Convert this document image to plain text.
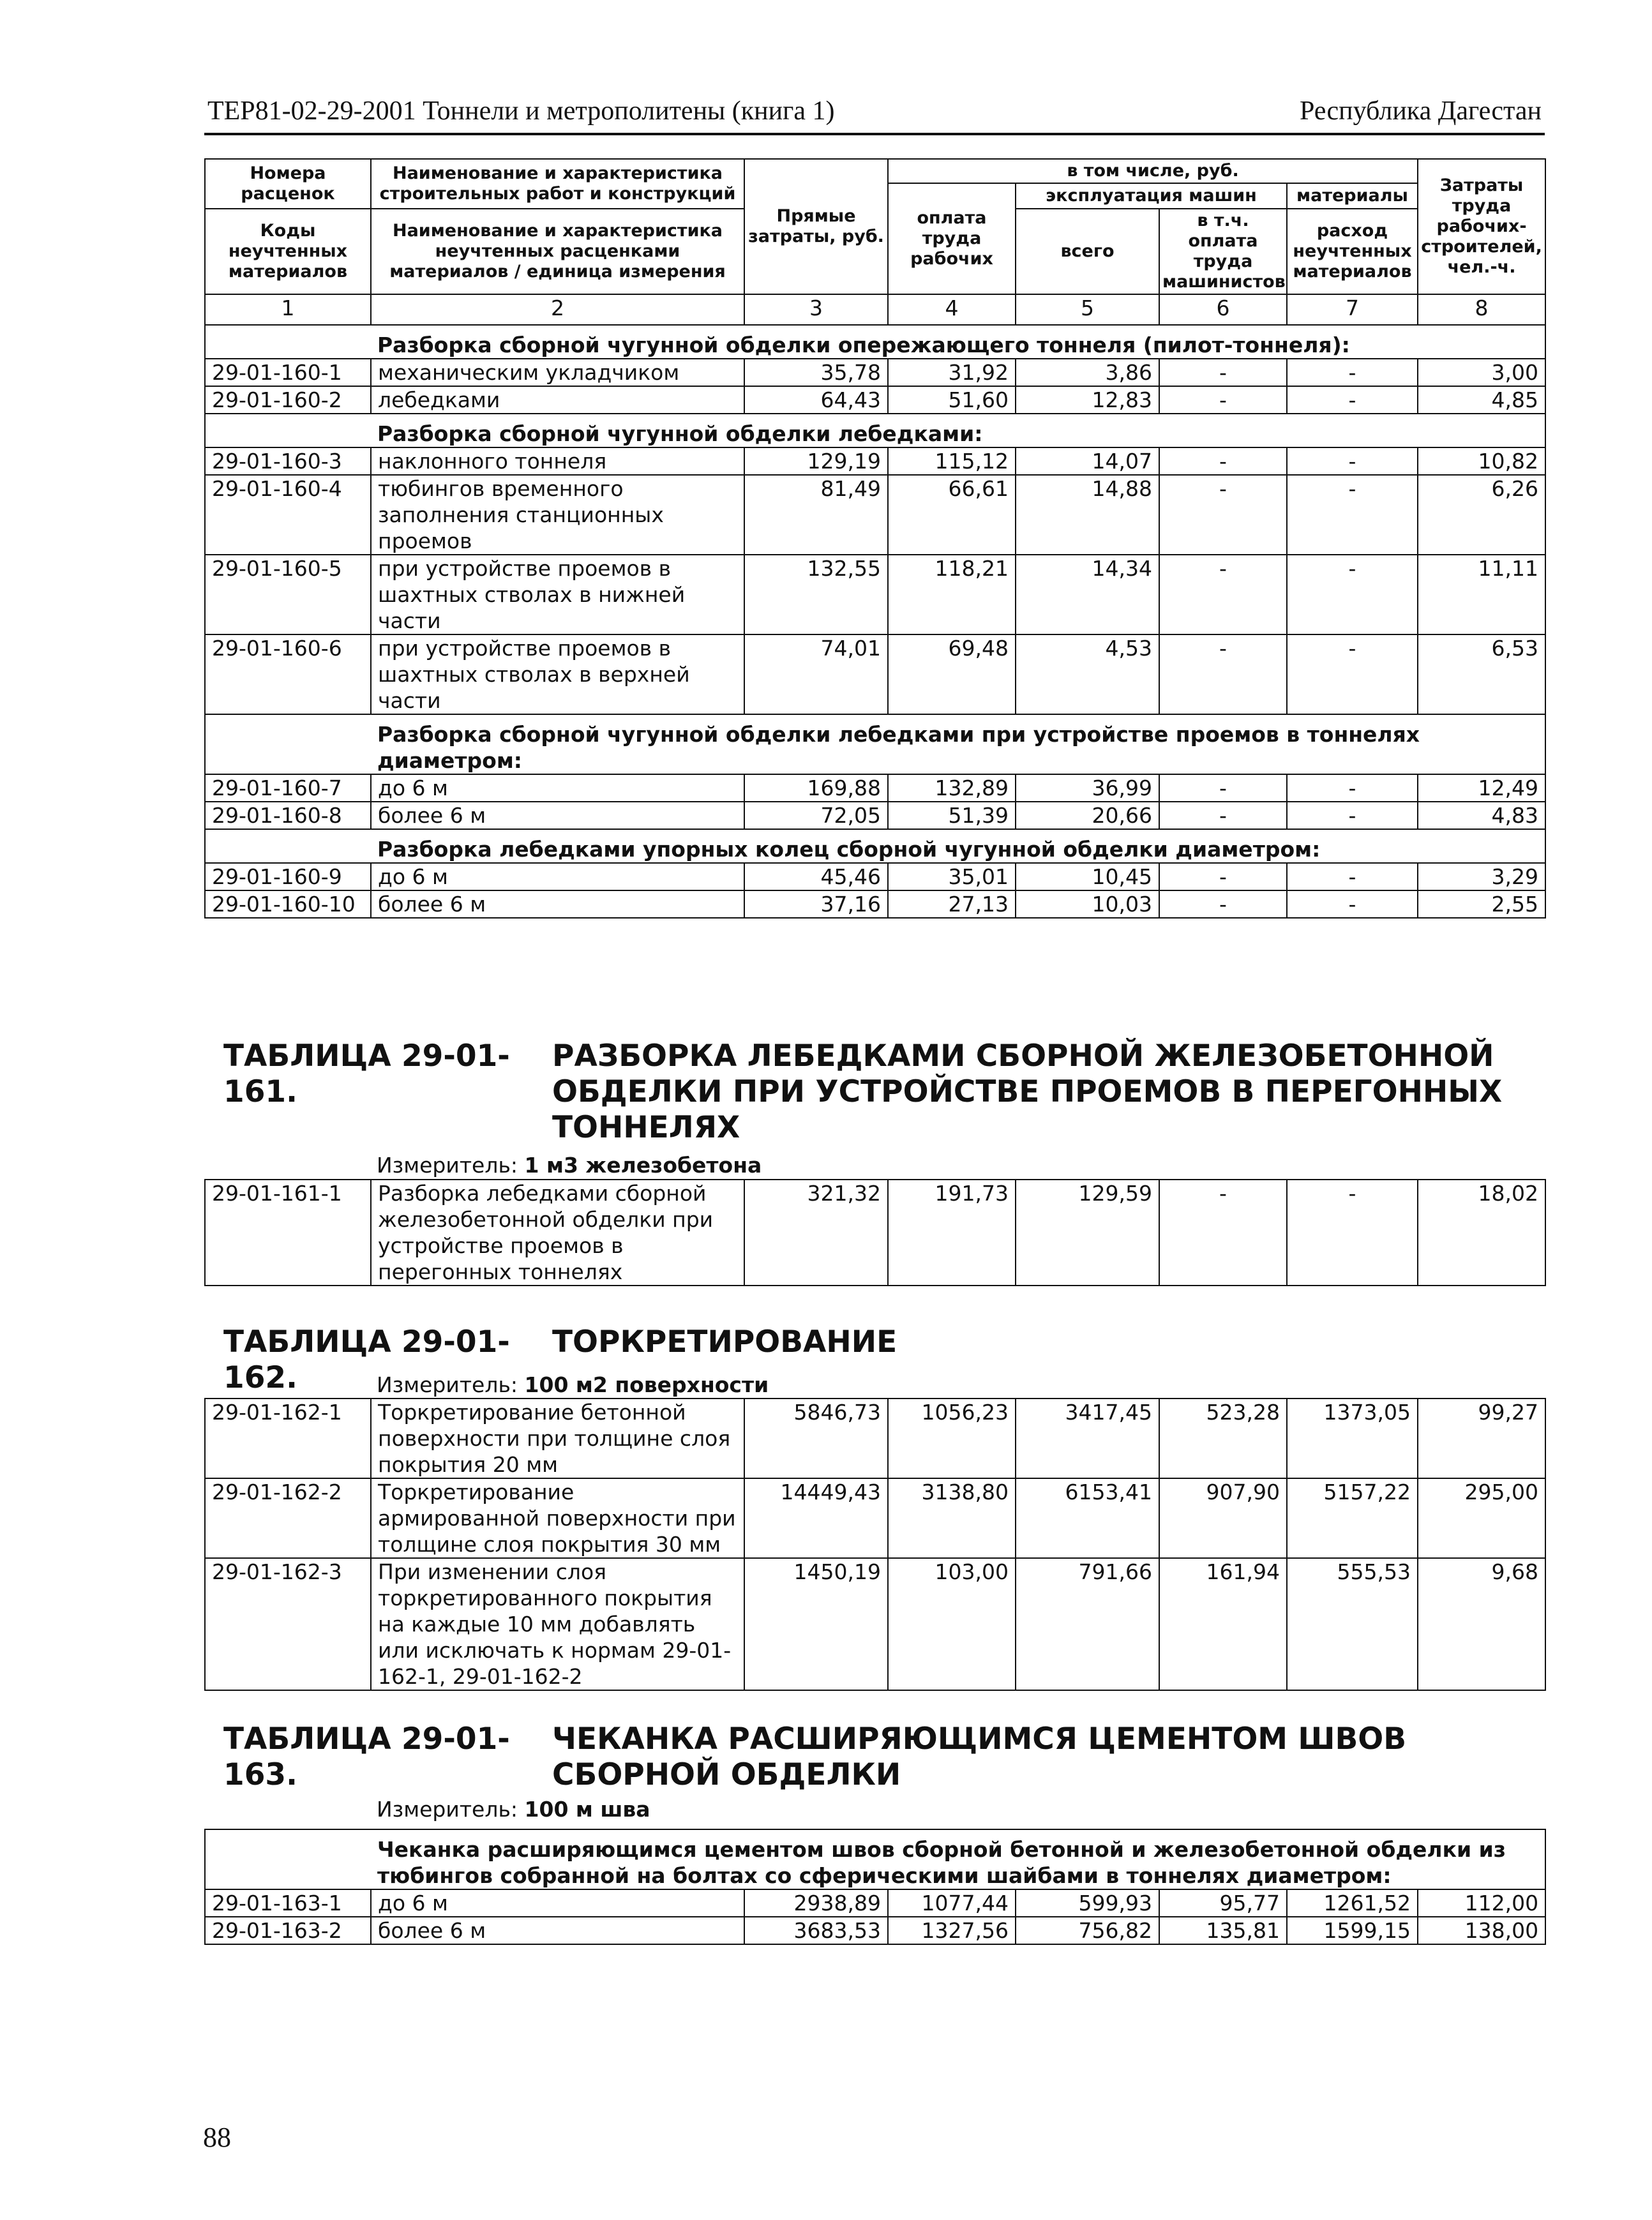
ТЕР81-02-29-2001 Тоннели и метрополитены (книга 1)	Республика Дагестан
Номера расценок	Наименование и характеристика строительных работ и конструкций	Прямые затраты, руб.	в том числе, руб.				Затраты труда рабочих-строителей, чел.-ч.
			оплата труда рабочих	эксплуатация машин		материалы	
Коды неучтенных материалов	Наименование и характеристика неучтенных расценками материалов / единица измерения			всего	в т.ч. оплата труда машинистов	расход неучтенных материалов	

1	2	3	4	5	6	7	8
	Разборка сборной чугунной обделки опережающего тоннеля (пилот-тоннеля):						
29-01-160-1	механическим укладчиком	35,78	31,92	3,86	-	-	3,00
29-01-160-2	лебедками	64,43	51,60	12,83	-	-	4,85
	Разборка сборной чугунной обделки лебедками:						
29-01-160-3	наклонного тоннеля	129,19	115,12	14,07	-	-	10,82
29-01-160-4	тюбингов временного заполнения станционных проемов	81,49	66,61	14,88	-	-	6,26
29-01-160-5	при устройстве проемов в шахтных стволах в нижней части	132,55	118,21	14,34	-	-	11,11
29-01-160-6	при устройстве проемов в шахтных стволах в верхней части	74,01	69,48	4,53	-	-	6,53
	Разборка сборной чугунной обделки лебедками при устройстве проемов в тоннелях диаметром:						
29-01-160-7	до 6 м	169,88	132,89	36,99	-	-	12,49
29-01-160-8	более 6 м	72,05	51,39	20,66	-	-	4,83
	Разборка лебедками упорных колец сборной чугунной обделки диаметром:						
29-01-160-9	до 6 м	45,46	35,01	10,45	-	-	3,29
29-01-160-10	более 6 м	37,16	27,13	10,03	-	-	2,55
ТАБЛИЦА 29-01-161.РАЗБОРКА ЛЕБЕДКАМИ СБОРНОЙ ЖЕЛЕЗОБЕТОННОЙ ОБДЕЛКИ ПРИ УСТРОЙСТВЕ ПРОЕМОВ В ПЕРЕГОННЫХ ТОННЕЛЯХ
Измеритель: 1 м3 железобетона
29-01-161-1	Разборка лебедками сборной железобетонной обделки при устройстве проемов в перегонных тоннелях	321,32	191,73	129,59	-	-	18,02
ТАБЛИЦА 29-01-162.ТОРКРЕТИРОВАНИЕ
Измеритель: 100 м2 поверхности
29-01-162-1	Торкретирование бетонной поверхности при толщине слоя покрытия 20 мм	5846,73	1056,23	3417,45	523,28	1373,05	99,27
29-01-162-2	Торкретирование армированной поверхности при толщине слоя покрытия 30 мм	14449,43	3138,80	6153,41	907,90	5157,22	295,00
29-01-162-3	При изменении слоя торкретированного покрытия на каждые 10 мм добавлять или исключать к нормам 29-01-162-1, 29-01-162-2	1450,19	103,00	791,66	161,94	555,53	9,68
ТАБЛИЦА 29-01-163.ЧЕКАНКА РАСШИРЯЮЩИМСЯ ЦЕМЕНТОМ ШВОВ СБОРНОЙ ОБДЕЛКИ
Измеритель: 100 м шва
	Чеканка расширяющимся цементом швов сборной бетонной и железобетонной обделки из тюбингов собранной на болтах со сферическими шайбами в тоннелях диаметром:						
29-01-163-1	до 6 м	2938,89	1077,44	599,93	95,77	1261,52	112,00
29-01-163-2	более 6 м	3683,53	1327,56	756,82	135,81	1599,15	138,00
88
